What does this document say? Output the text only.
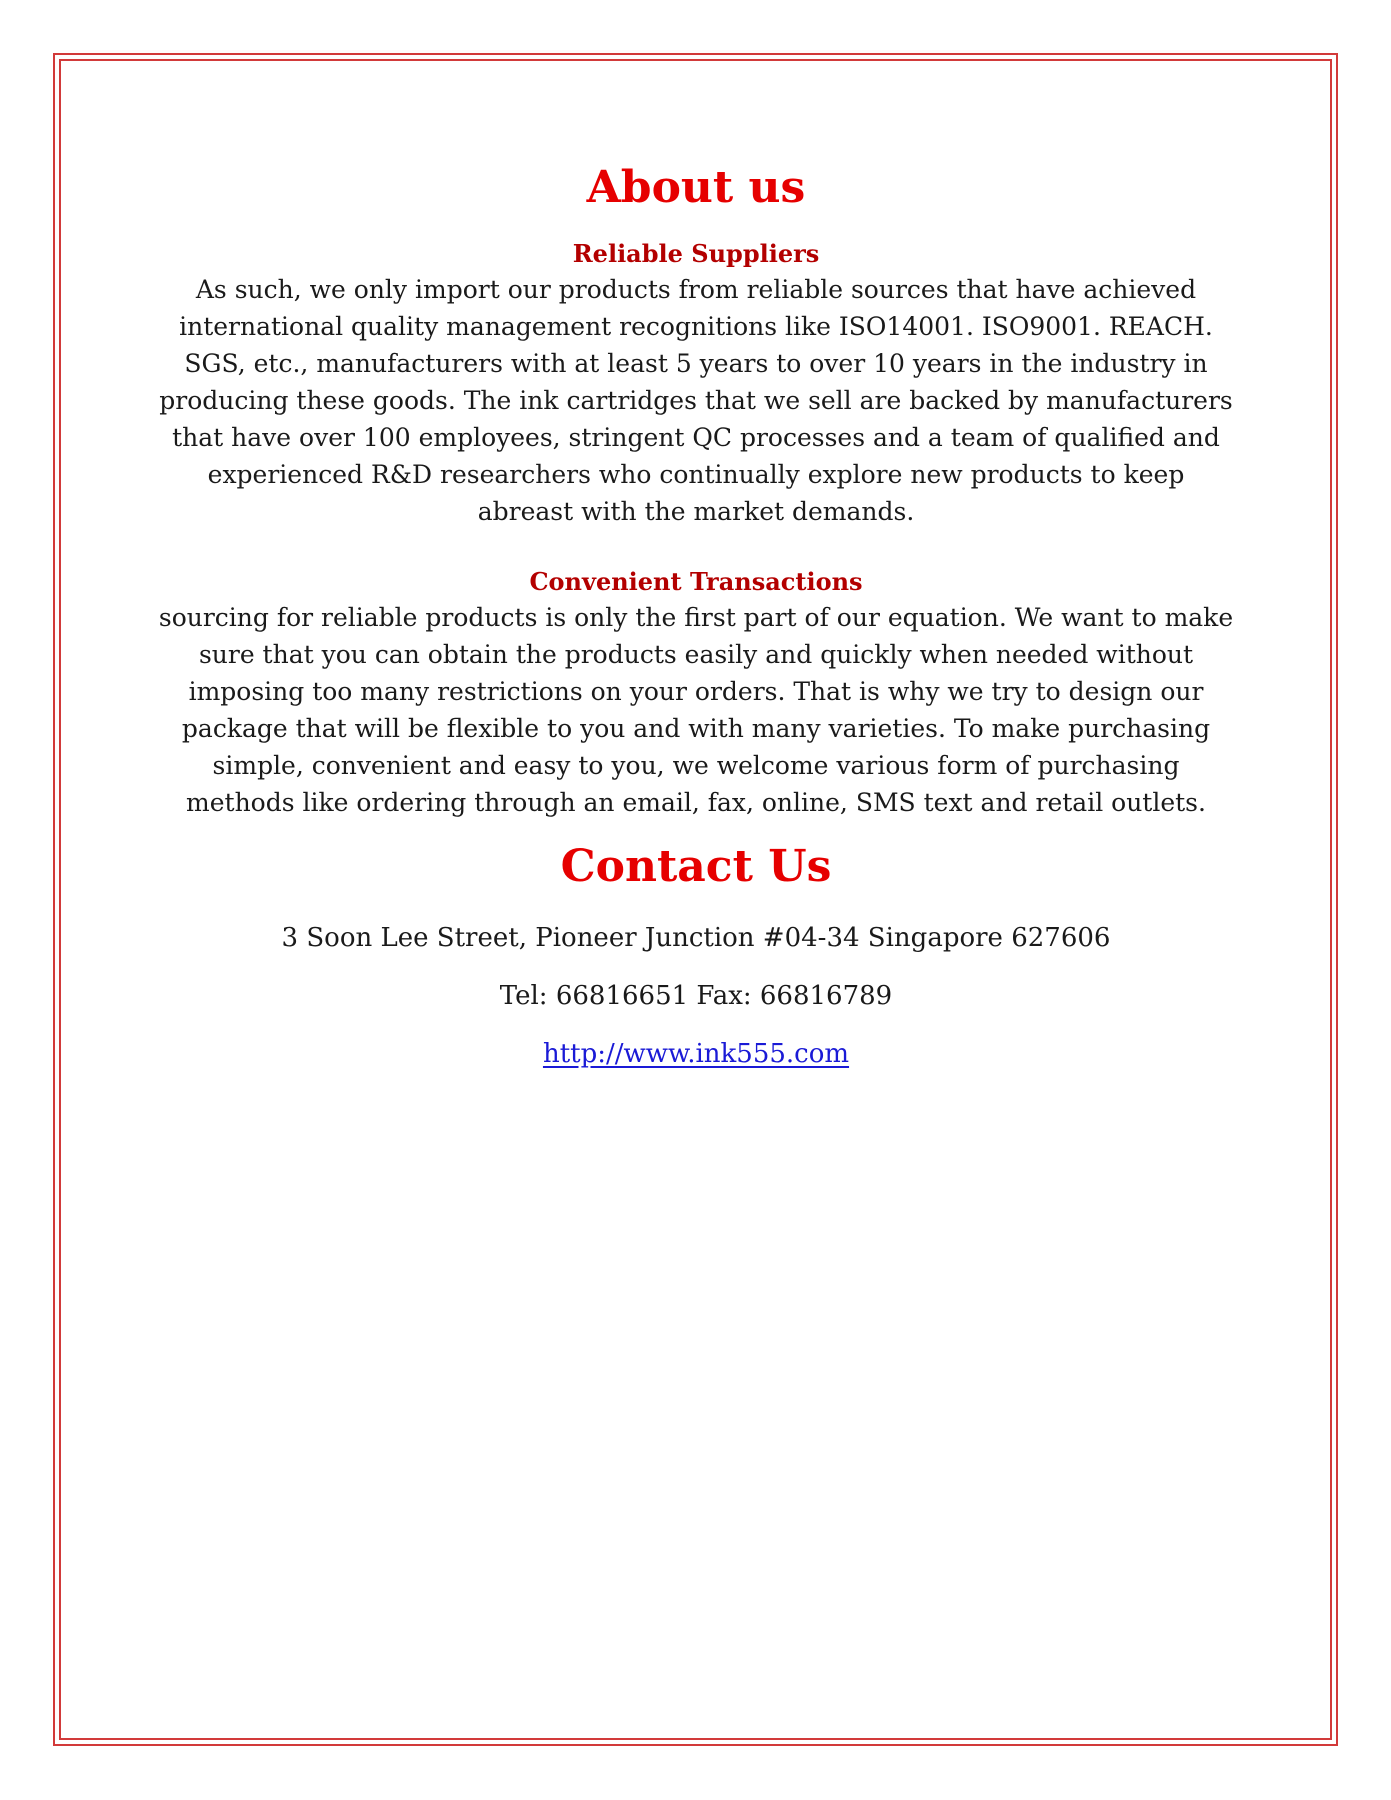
About us
Reliable Suppliers

As such, we only import our products from reliable sources that have achieved international quality management recognitions like ISO14001. ISO9001. REACH. SGS, etc., manufacturers with at least 5 years to over 10 years in the industry in producing these goods. The ink cartridges that we sell are backed by manufacturers that have over 100 employees, stringent QC processes and a team of qualified and experienced R&D researchers who continually explore new products to keep abreast with the market demands.

Convenient Transactions

sourcing for reliable products is only the first part of our equation. We want to make sure that you can obtain the products easily and quickly when needed without imposing too many restrictions on your orders. That is why we try to design our package that will be flexible to you and with many varieties. To make purchasing simple, convenient and easy to you, we welcome various form of purchasing methods like ordering through an email, fax, online, SMS text and retail outlets.

Contact Us

3 Soon Lee Street, Pioneer Junction #04-34 Singapore 627606

Tel: 66816651 Fax: 66816789

http://www.ink555.com
